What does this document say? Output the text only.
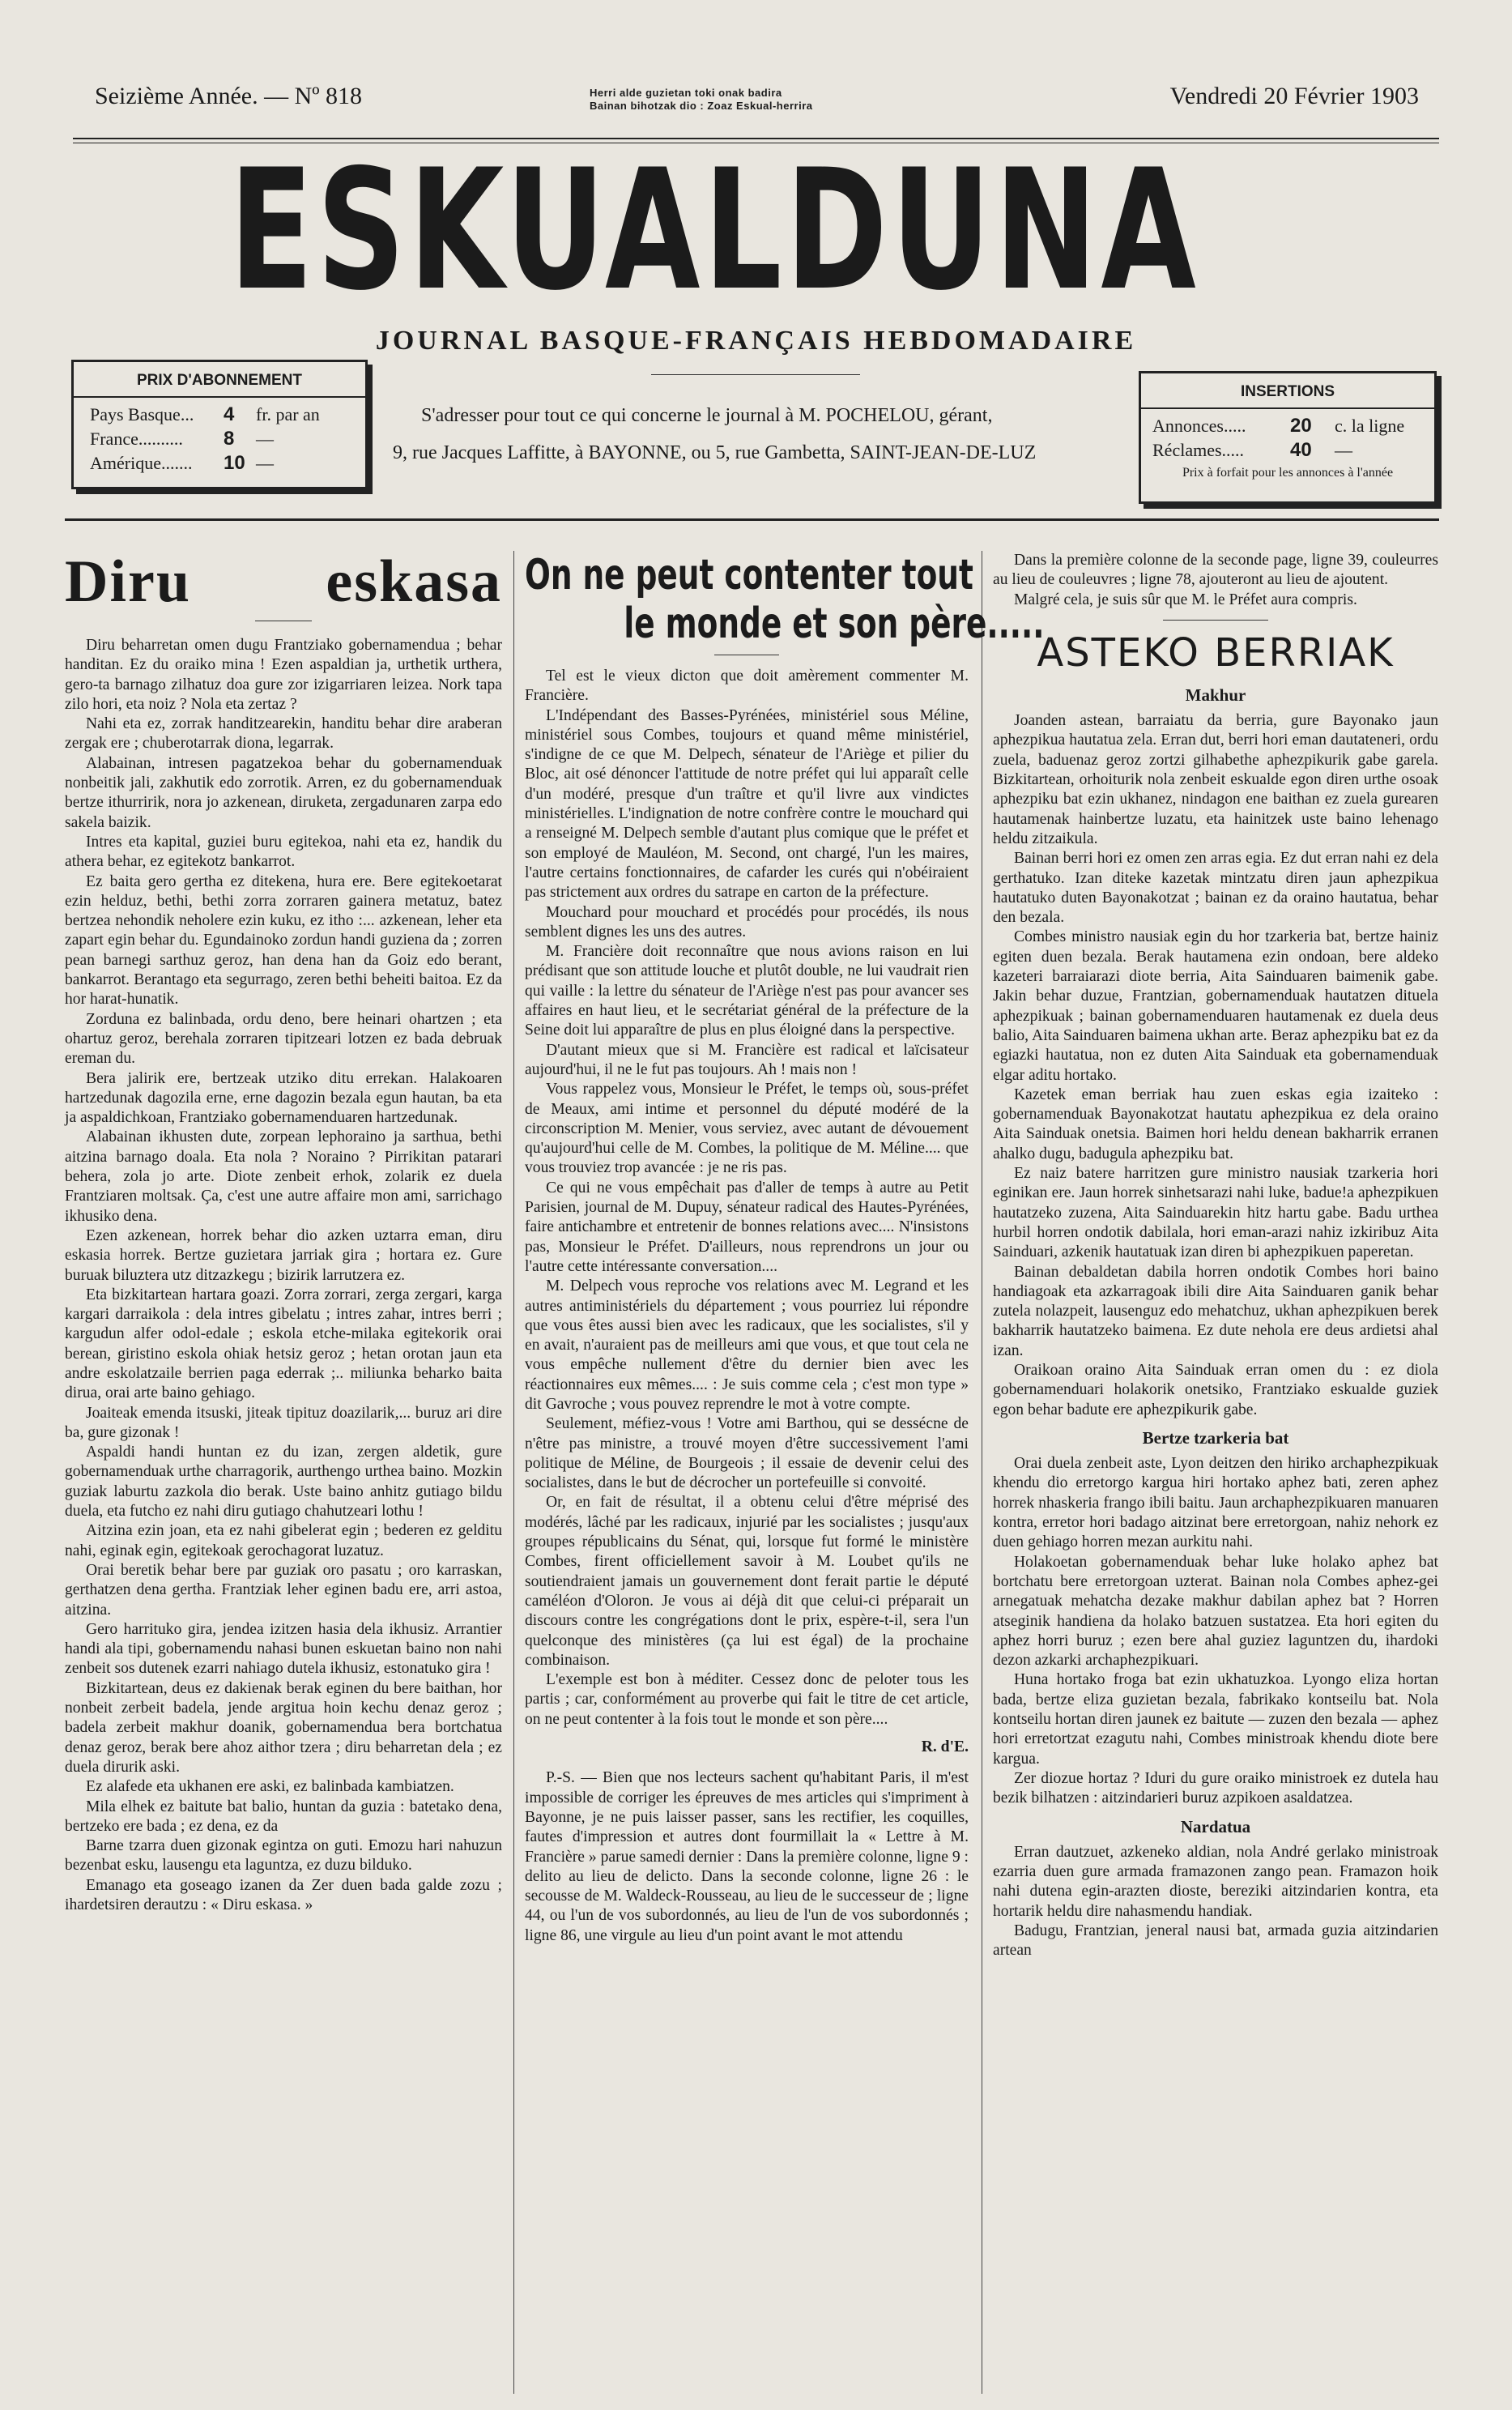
Seizième Année. — Nº 818	Herri alde guzietan toki onak badira
Bainan bihotzak dio : Zoaz Eskual-herrira	Vendredi 20 Février 1903
ESKUALDUNA
JOURNAL BASQUE-FRANÇAIS HEBDOMADAIRE
PRIX D'ABONNEMENT
Pays Basque...	4	fr. par an
France..........	8	—
Amérique.......	10 —
S'adresser pour tout ce qui concerne le journal à M. POCHELOU, gérant,
9, rue Jacques Laffitte, à BAYONNE, ou 5, rue Gambetta, SAINT-JEAN-DE-LUZ
INSERTIONS
Annonces.....	20	c. la ligne
Réclames.....	40	—
Prix à forfait pour les annonces à l'année
Diru eskasa

Diru beharretan omen dugu Frantziako gobernamendua ; behar handitan. Ez du oraiko mina ! Ezen aspaldian ja, urthetik urthera, gero-ta barnago zilhatuz doa gure zor izigarriaren leizea. Nork tapa zilo hori, eta noiz ? Nola eta zertaz ?

Nahi eta ez, zorrak handitzearekin, handitu behar dire araberan zergak ere ; chuberotarrak diona, legarrak.

Alabainan, intresen pagatzekoa behar du gobernamenduak nonbeitik jali, zakhutik edo zorrotik. Arren, ez du gobernamenduak bertze ithurririk, nora jo azkenean, diruketa, zergadunaren zarpa edo sakela baizik.

Intres eta kapital, guziei buru egitekoa, nahi eta ez, handik du athera behar, ez egitekotz bankarrot.

Ez baita gero gertha ez ditekena, hura ere. Bere egitekoetarat ezin helduz, bethi, bethi zorra zorraren gainera metatuz, batez bertzea nehondik neholere ezin kuku, ez itho :... azkenean, leher eta zapart egin behar du. Egundainoko zordun handi guziena da ; zorren pean barnegi sarthuz geroz, han dena han da Goiz edo berant, bankarrot. Berantago eta segurrago, zeren bethi beheiti baitoa. Ez da hor harat-hunatik.

Zorduna ez balinbada, ordu deno, bere heinari ohartzen ; eta ohartuz geroz, berehala zorraren tipitzeari lotzen ez bada debruak ereman du.

Bera jalirik ere, bertzeak utziko ditu errekan. Halakoaren hartzedunak dagozila erne, erne dagozin bezala egun hautan, ba eta ja aspaldichkoan, Frantziako gobernamenduaren hartzedunak.

Alabainan ikhusten dute, zorpean lephoraino ja sarthua, bethi aitzina barnago doala. Eta nola ? Noraino ? Pirrikitan patarari behera, zola jo arte. Diote zenbeit erhok, zolarik ez duela Frantziaren moltsak. Ça, c'est une autre affaire mon ami, sarrichago ikhusiko dena.

Ezen azkenean, horrek behar dio azken uztarra eman, diru eskasia horrek. Bertze guzietara jarriak gira ; hortara ez. Gure buruak biluztera utz ditzazkegu ; bizirik larrutzera ez.

Eta bizkitartean hartara goazi. Zorra zorrari, zerga zergari, karga kargari darraikola : dela intres gibelatu ; intres zahar, intres berri ; kargudun alfer odol-edale ; eskola etche-milaka egitekorik orai berean, giristino eskola ohiak hetsiz geroz ; hetan orotan jaun eta andre eskolatzaile berrien paga ederrak ;.. miliunka beharko baita dirua, orai arte baino gehiago.

Joaiteak emenda itsuski, jiteak tipituz doazilarik,... buruz ari dire ba, gure gizonak !

Aspaldi handi huntan ez du izan, zergen aldetik, gure gobernamenduak urthe charragorik, aurthengo urthea baino. Mozkin guziak laburtu zazkola dio berak. Uste baino anhitz gutiago bildu duela, eta futcho ez nahi diru gutiago chahutzeari lothu !

Aitzina ezin joan, eta ez nahi gibelerat egin ; bederen ez gelditu nahi, eginak egin, egitekoak gerochagorat luzatuz.

Orai beretik behar bere par guziak oro pasatu ; oro karraskan, gerthatzen dena gertha. Frantziak leher eginen badu ere, arri astoa, aitzina.

Gero harrituko gira, jendea izitzen hasia dela ikhusiz. Arrantier handi ala tipi, gobernamendu nahasi bunen eskuetan baino non nahi zenbeit sos dutenek ezarri nahiago dutela ikhusiz, estonatuko gira !

Bizkitartean, deus ez dakienak berak eginen du bere baithan, hor nonbeit zerbeit badela, jende argitua hoin kechu denaz geroz ; badela zerbeit makhur doanik, gobernamendua bera bortchatua denaz geroz, berak bere ahoz aithor tzera ; diru beharretan dela ; ez duela dirurik aski.

Ez alafede eta ukhanen ere aski, ez balinbada kambiatzen.

Mila elhek ez baitute bat balio, huntan da guzia : batetako dena, bertzeko ere bada ; ez dena, ez da

Barne tzarra duen gizonak egintza on guti. Emozu hari nahuzun bezenbat esku, lausengu eta laguntza, ez duzu bilduko.

Emanago eta goseago izanen da Zer duen bada galde zozu ; ihardetsiren derautzu : « Diru eskasa. »

On ne peut contenter tout
le monde et son père.....

Tel est le vieux dicton que doit amèrement commenter M. Francière.

L'Indépendant des Basses-Pyrénées, ministériel sous Méline, ministériel sous Combes, toujours et quand même ministériel, s'indigne de ce que M. Delpech, sénateur de l'Ariège et pilier du Bloc, ait osé dénoncer l'attitude de notre préfet qui lui apparaît celle d'un modéré, presque d'un traître et qu'il livre aux vindictes ministérielles. L'indignation de notre confrère contre le mouchard qui a renseigné M. Delpech semble d'autant plus comique que le préfet et son employé de Mauléon, M. Second, ont chargé, l'un les maires, l'autre certains fonctionnaires, de cafarder les curés qui n'obéiraient pas strictement aux ordres du satrape en carton de la préfecture.

Mouchard pour mouchard et procédés pour procédés, ils nous semblent dignes les uns des autres.

M. Francière doit reconnaître que nous avions raison en lui prédisant que son attitude louche et plutôt double, ne lui vaudrait rien qui vaille : la lettre du sénateur de l'Ariège n'est pas pour avancer ses affaires en haut lieu, et le secrétariat général de la préfecture de la Seine doit lui apparaître de plus en plus éloigné dans la perspective.

D'autant mieux que si M. Francière est radical et laïcisateur aujourd'hui, il ne le fut pas toujours. Ah ! mais non !

Vous rappelez vous, Monsieur le Préfet, le temps où, sous-préfet de Meaux, ami intime et personnel du député modéré de la circonscription M. Menier, vous serviez, avec autant de dévouement qu'aujourd'hui celle de M. Combes, la politique de M. Méline.... que vous trouviez trop avancée : je ne ris pas.

Ce qui ne vous empêchait pas d'aller de temps à autre au Petit Parisien, journal de M. Dupuy, sénateur radical des Hautes-Pyrénées, faire antichambre et entretenir de bonnes relations avec.... N'insistons pas, Monsieur le Préfet. D'ailleurs, nous reprendrons un jour ou l'autre cette intéressante conversation....

M. Delpech vous reproche vos relations avec M. Legrand et les autres antiministériels du département ; vous pourriez lui répondre que vous êtes aussi bien avec les radicaux, que les socialistes, s'il y en avait, n'auraient pas de meilleurs ami que vous, et que tout cela ne vous empêche nullement d'être du dernier bien avec les réactionnaires eux mêmes.... : Je suis comme cela ; c'est mon type » dit Gavroche ; vous pouvez reprendre le mot à votre compte.

Seulement, méfiez-vous ! Votre ami Barthou, qui se dessécne de n'être pas ministre, a trouvé moyen d'être successivement l'ami politique de Méline, de Bourgeois ; il essaie de devenir celui des socialistes, dans le but de décrocher un portefeuille si convoité.

Or, en fait de résultat, il a obtenu celui d'être méprisé des modérés, lâché par les radicaux, injurié par les socialistes ; jusqu'aux groupes républicains du Sénat, qui, lorsque fut formé le ministère Combes, firent officiellement savoir à M. Loubet qu'ils ne soutiendraient jamais un gouvernement dont ferait partie le député caméléon d'Oloron. Je vous ai déjà dit que celui-ci préparait un discours contre les congrégations dont le prix, espère-t-il, sera l'un quelconque des ministères (ça lui est égal) de la prochaine combinaison.

L'exemple est bon à méditer. Cessez donc de peloter tous les partis ; car, conformément au proverbe qui fait le titre de cet article, on ne peut contenter à la fois tout le monde et son père....

R. d'E.

P.-S. — Bien que nos lecteurs sachent qu'habitant Paris, il m'est impossible de corriger les épreuves de mes articles qui s'impriment à Bayonne, je ne puis laisser passer, sans les rectifier, les coquilles, fautes d'impression et autres dont fourmillait la « Lettre à M. Francière » parue samedi dernier : Dans la première colonne, ligne 9 : delito au lieu de delicto. Dans la seconde colonne, ligne 26 : le secousse de M. Waldeck-Rousseau, au lieu de le successeur de ; ligne 44, ou l'un de vos subordonnés, au lieu de l'un de vos subordonnés ; ligne 86, une virgule au lieu d'un point avant le mot attendu

Dans la première colonne de la seconde page, ligne 39, couleurres au lieu de couleuvres ; ligne 78, ajouteront au lieu de ajoutent.

Malgré cela, je suis sûr que M. le Préfet aura compris.

ASTEKO BERRIAK
Makhur

Joanden astean, barraiatu da berria, gure Bayonako jaun aphezpikua hautatua zela. Erran dut, berri hori eman dautateneri, ordu zuela, baduenaz geroz zortzi gilhabethe aphezpikurik gabe garela. Bizkitartean, orhoiturik nola zenbeit eskualde egon diren urthe osoak aphezpiku bat ezin ukhanez, nindagon ene baithan ez zuela gurearen hautamenak hainbertze luzatu, eta hainitzek uste baino lehenago heldu zitzaikula.

Bainan berri hori ez omen zen arras egia. Ez dut erran nahi ez dela gerthatuko. Izan diteke kazetak mintzatu diren jaun aphezpikua hautatuko duten Bayonakotzat ; bainan ez da oraino hautatua, behar den bezala.

Combes ministro nausiak egin du hor tzarkeria bat, bertze hainiz egiten duen bezala. Berak hautamena ezin ondoan, bere aldeko kazeteri barraiarazi diote berria, Aita Sainduaren baimenik gabe. Jakin behar duzue, Frantzian, gobernamenduak hautatzen dituela aphezpikuak ; bainan gobernamenduaren hautamenak ez duela deus balio, Aita Sainduaren baimena ukhan arte. Beraz aphezpiku bat ez da egiazki hautatua, non ez duten Aita Sainduak eta gobernamenduak elgar aditu hortako.

Kazetek eman berriak hau zuen eskas egia izaiteko : gobernamenduak Bayonakotzat hautatu aphezpikua ez dela oraino Aita Sainduak onetsia. Baimen hori heldu denean bakharrik erranen ahalko dugu, badugula aphezpiku bat.

Ez naiz batere harritzen gure ministro nausiak tzarkeria hori eginikan ere. Jaun horrek sinhetsarazi nahi luke, badue!a aphezpikuen hautatzeko zuzena, Aita Sainduarekin hitz hartu gabe. Badu urthea hurbil horren ondotik dabilala, hori eman-arazi nahiz izkiribuz Aita Sainduari, azkenik hautatuak izan diren bi aphezpikuen paperetan.

Bainan debaldetan dabila horren ondotik Combes hori baino handiagoak eta azkarragoak ibili dire Aita Sainduaren ganik behar zutela nolazpeit, lausenguz edo mehatchuz, ukhan aphezpikuen berek bakharrik hautatzeko baimena. Ez dute nehola ere deus ardietsi ahal izan.

Oraikoan oraino Aita Sainduak erran omen du : ez diola gobernamenduari holakorik onetsiko, Frantziako eskualde guziek egon behar badute ere aphezpikurik gabe.

Bertze tzarkeria bat

Orai duela zenbeit aste, Lyon deitzen den hiriko archaphezpikuak khendu dio erretorgo kargua hiri hortako aphez bati, zeren aphez horrek nhaskeria frango ibili baitu. Jaun archaphezpikuaren manuaren kontra, erretor hori badago aitzinat bere erretorgoan, nahiz nehork ez duen gehiago horren mezan aurkitu nahi.

Holakoetan gobernamenduak behar luke holako aphez bat bortchatu bere erretorgoan uzterat. Bainan nola Combes aphez-gei arnegatuak mehatcha dezake makhur dabilan aphez bat ? Horren atseginik handiena da holako batzuen sustatzea. Eta hori egiten du aphez horri buruz ; ezen bere ahal guziez laguntzen du, ihardoki dezon azkarki archaphezpikuari.

Huna hortako froga bat ezin ukhatuzkoa. Lyongo eliza hortan bada, bertze eliza guzietan bezala, fabrikako kontseilu bat. Nola kontseilu hortan diren jaunek ez baitute — zuzen den bezala — aphez hori erretortzat ezagutu nahi, Combes ministroak khendu diote bere kargua.

Zer diozue hortaz ? Iduri du gure oraiko ministroek ez dutela hau bezik bilhatzen : aitzindarieri buruz azpikoen asaldatzea.

Nardatua

Erran dautzuet, azkeneko aldian, nola André gerlako ministroak ezarria duen gure armada framazonen zango pean. Framazon hoik nahi dutena egin-arazten dioste, bereziki aitzindarien kontra, eta hortarik heldu dire nahasmendu handiak.

Badugu, Frantzian, jeneral nausi bat, armada guzia aitzindarien artean
